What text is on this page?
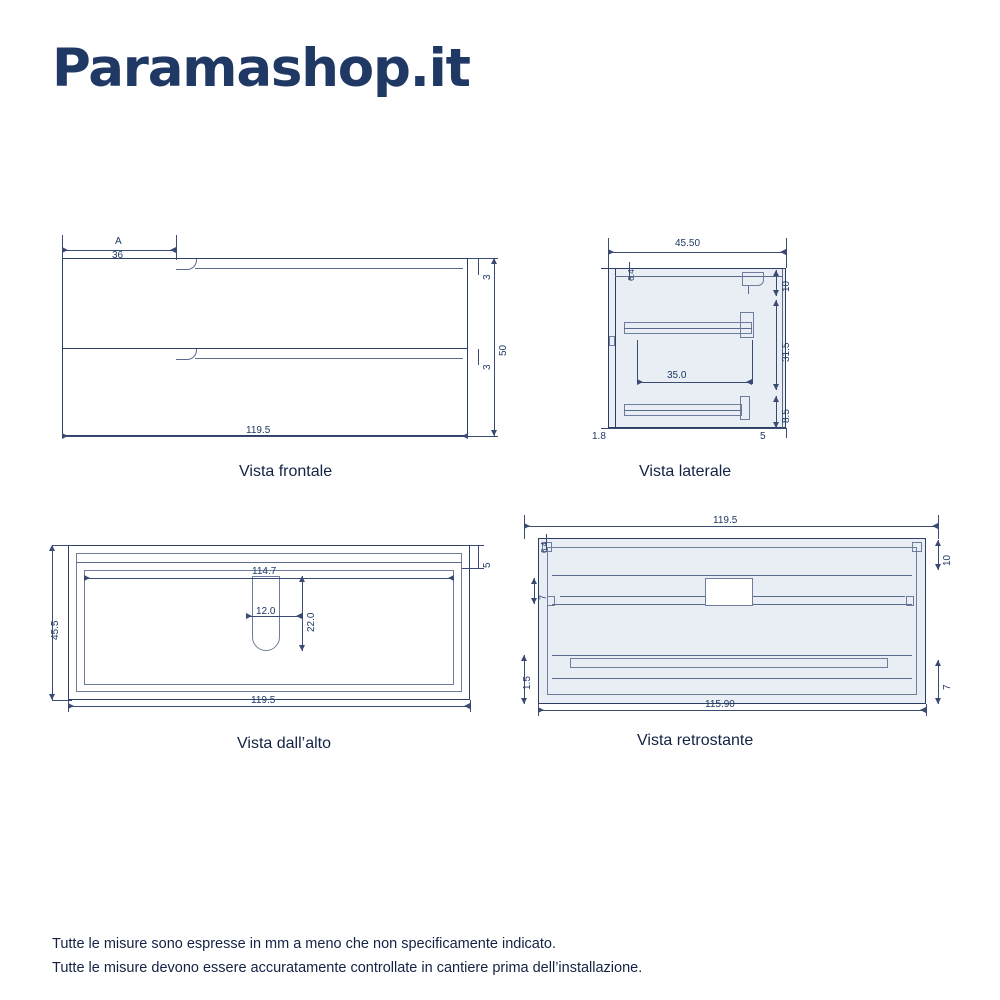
Paramashop.it
A
36
50
3
3
119.5
Vista frontale
45.50
6.4
35.0
10
31.5
8.5
1.8	5
Vista laterale
114.7
12.0
22.0
45.5
5
119.5
Vista dall’alto
119.5
6.4
7
1.5
10
7
115.90
Vista retrostante
Tutte le misure sono espresse in mm a meno che non specificamente indicato.
Tutte le misure devono essere accuratamente controllate in cantiere prima dell’installazione.
